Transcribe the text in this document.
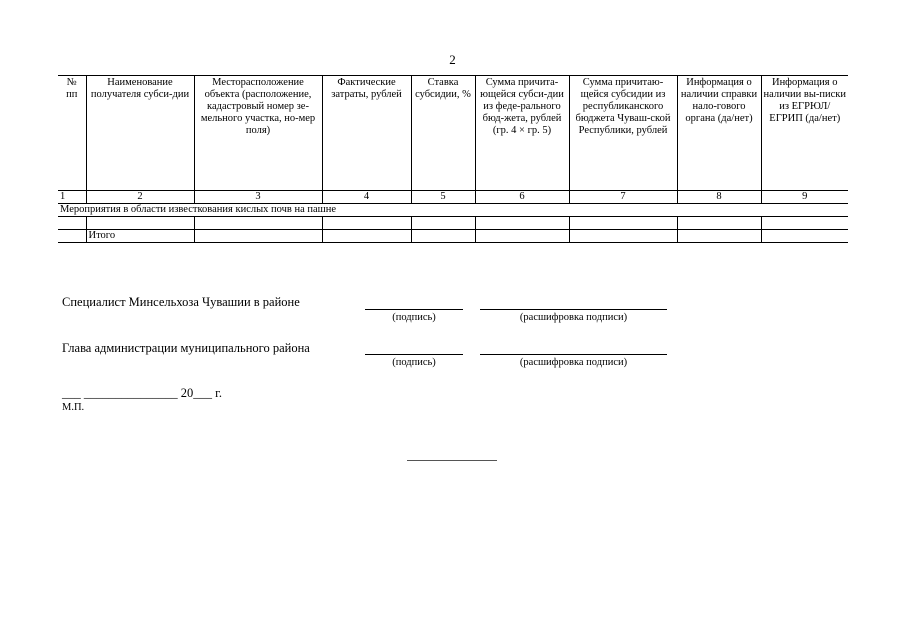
2
№ пп	Наименование получателя субси-дии	Месторасположение объекта (расположение, кадастровый номер зе-мельного участка, но-мер поля)	Фактические затраты, рублей	Ставка субсидии, %	Сумма причита-ющейся субси-дии из феде-рального бюд-жета, рублей (гр. 4 × гр. 5)	Сумма причитаю-щейся субсидии из республиканского бюджета Чуваш-ской Республики, рублей	Информация о наличии справки нало-гового органа (да/нет)	Информация о наличии вы-писки из ЕГРЮЛ/ ЕГРИП (да/нет)
1	2	3	4	5	6	7	8	9
Мероприятия в области известкования кислых почв на пашне								

	Итого							
Специалист Минсельхоза Чувашии в районе
(подпись)	(расшифровка подписи)
Глава администрации муниципального района
(подпись)	(расшифровка подписи)
___ _______________ 20___ г.
М.П.
